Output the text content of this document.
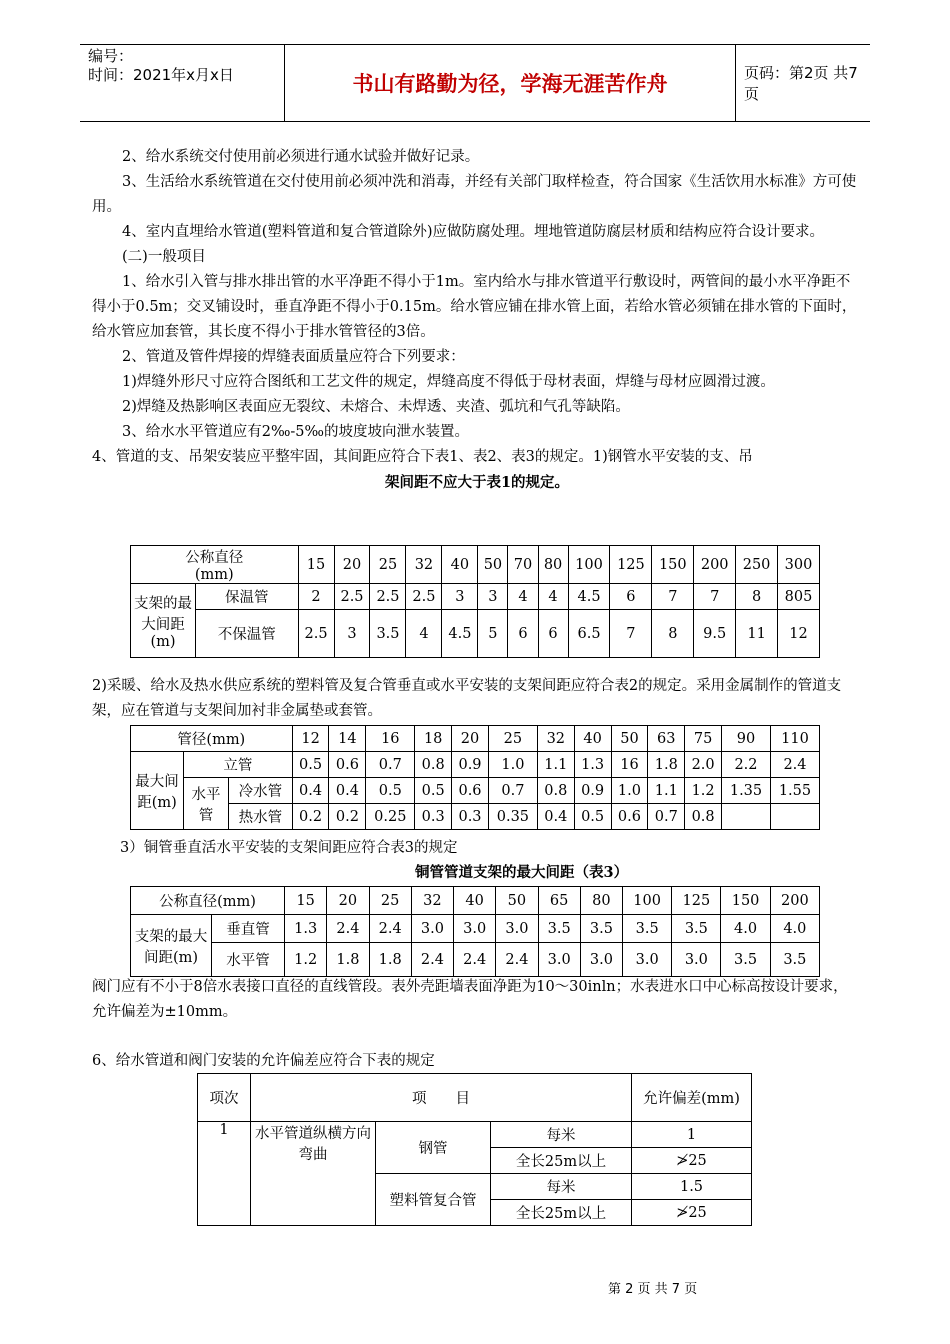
编号：
时间：2021年x月x日	书山有路勤为径，学海无涯苦作舟	页码：第2页 共7页

2、给水系统交付使用前必须进行通水试验并做好记录。

3、生活给水系统管道在交付使用前必须冲洗和消毒，并经有关部门取样检查，符合国家《生活饮用水标准》方可使用。

4、室内直埋给水管道(塑料管道和复合管道除外)应做防腐处理。埋地管道防腐层材质和结构应符合设计要求。

(二)一般项目

1、给水引入管与排水排出管的水平净距不得小于1m。室内给水与排水管道平行敷设时，两管间的最小水平净距不得小于0.5m；交叉铺设时，垂直净距不得小于0.15m。给水管应铺在排水管上面，若给水管必须铺在排水管的下面时，给水管应加套管，其长度不得小于排水管管径的3倍。

2、管道及管件焊接的焊缝表面质量应符合下列要求：

1)焊缝外形尺寸应符合图纸和工艺文件的规定，焊缝高度不得低于母材表面，焊缝与母材应圆滑过渡。

2)焊缝及热影响区表面应无裂纹、未熔合、未焊透、夹渣、弧坑和气孔等缺陷。

3、给水水平管道应有2‰-5‰的坡度坡向泄水装置。

4、管道的支、吊架安装应平整牢固，其间距应符合下表1、表2、表3的规定。1)钢管水平安装的支、吊

架间距不应大于表1的规定。

公称直径
(mm)		15	20	25	32	40	50	70	80	100	125	150	200	250	300

支架的最大间距(m)	保温管	2	2.5	2.5	2.5	3	3	4	4	4.5	6	7	7	8	805
	不保温管	2.5	3	3.5	4	4.5	5	6	6	6.5	7	8	9.5	11	12
2)采暖、给水及热水供应系统的塑料管及复合管垂直或水平安装的支架间距应符合表2的规定。采用金属制作的管道支架，应在管道与支架间加衬非金属垫或套管。
管径(mm)			12	14	16	18	20	25	32	40	50	63	75	90	110
最大间距(m)	立管		0.5	0.6	0.7	0.8	0.9	1.0	1.1	1.3	16	1.8	2.0	2.2	2.4
	水平管	冷水管	0.4	0.4	0.5	0.5	0.6	0.7	0.8	0.9	1.0	1.1	1.2	1.35	1.55
		热水管	0.2	0.2	0.25	0.3	0.3	0.35	0.4	0.5	0.6	0.7	0.8		
3）铜管垂直活水平安装的支架间距应符合表3的规定
铜管管道支架的最大间距（表3）
公称直径(mm)		15	20	25	32	40	50	65	80	100	125	150	200
支架的最大间距(m)	垂直管	1.3	2.4	2.4	3.0	3.0	3.0	3.5	3.5	3.5	3.5	4.0	4.0
	水平管	1.2	1.8	1.8	2.4	2.4	2.4	3.0	3.0	3.0	3.0	3.5	3.5
阀门应有不小于8倍水表接口直径的直线管段。表外壳距墙表面净距为10～30inln；水表进水口中心标高按设计要求，允许偏差为±10mm。
6、给水管道和阀门安装的允许偏差应符合下表的规定
项次	项　　目			允许偏差(mm)
1	水平管道纵横方向弯曲	钢管	每米	1
			全长25m以上	≯25
		塑料管复合管	每米	1.5
			全长25m以上	≯25
第 2 页 共 7 页
